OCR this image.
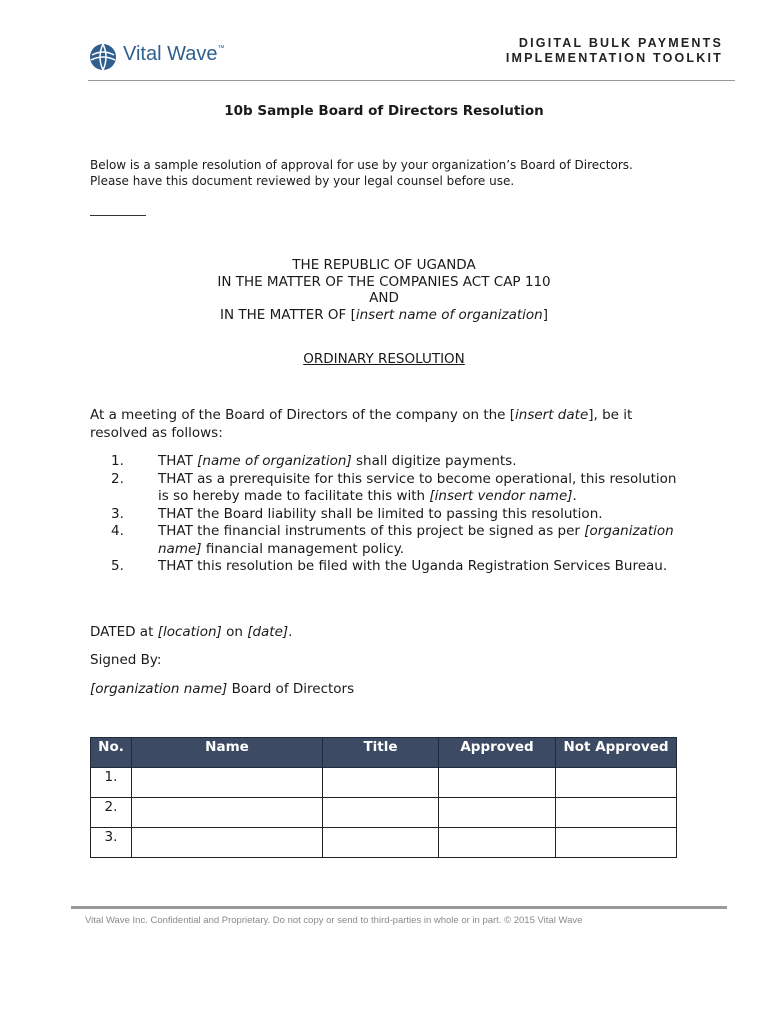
Vital Wave™	DIGITAL BULK PAYMENTS
IMPLEMENTATION TOOLKIT
10b Sample Board of Directors Resolution
Below is a sample resolution of approval for use by your organization’s Board of Directors.
Please have this document reviewed by your legal counsel before use.
THE REPUBLIC OF UGANDA
IN THE MATTER OF THE COMPANIES ACT CAP 110
AND
IN THE MATTER OF [insert name of organization]
ORDINARY RESOLUTION
At a meeting of the Board of Directors of the company on the [insert date], be it resolved as follows:
1.	THAT [name of organization] shall digitize payments.
2.	THAT as a prerequisite for this service to become operational, this resolution is so hereby made to facilitate this with [insert vendor name].
3.	THAT the Board liability shall be limited to passing this resolution.
4.	THAT the financial instruments of this project be signed as per [organization name] financial management policy.
5.	THAT this resolution be filed with the Uganda Registration Services Bureau.
DATED at [location] on [date].
Signed By:
[organization name] Board of Directors
No.	Name	Title	Approved	Not Approved
1.				
2.				
3.				
Vital Wave Inc. Confidential and Proprietary. Do not copy or send to third-parties in whole or in part. © 2015 Vital Wave
